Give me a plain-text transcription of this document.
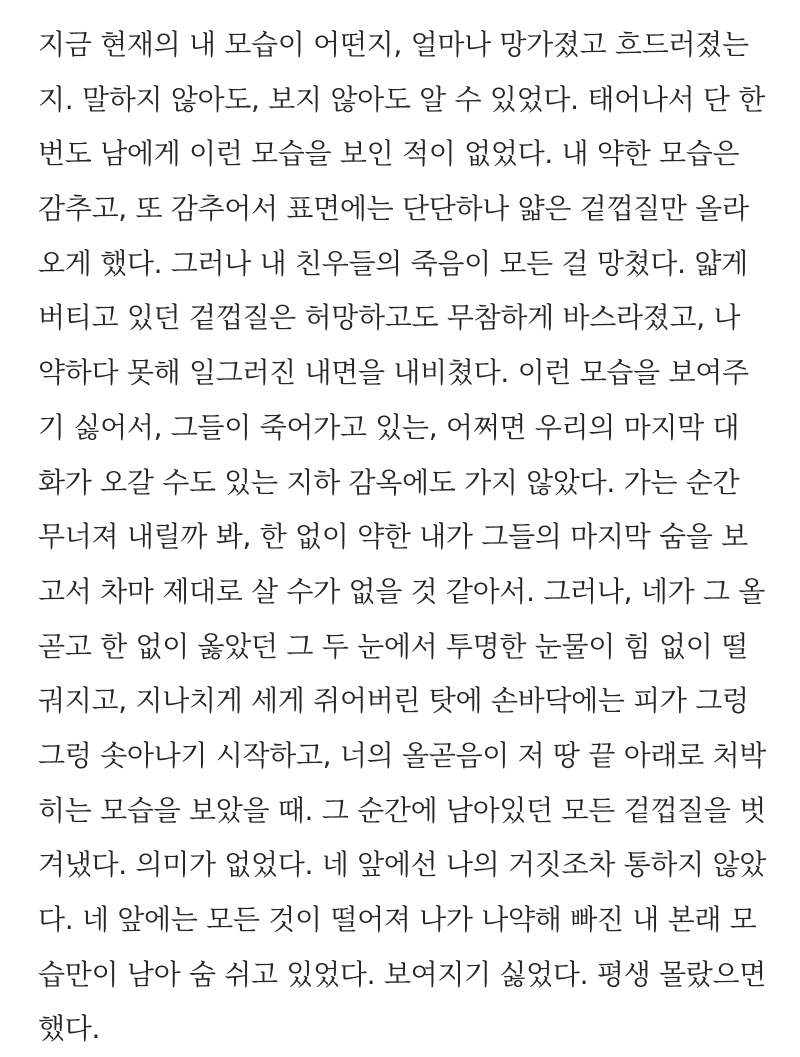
지금 현재의 내 모습이 어떤지, 얼마나 망가졌고 흐드러졌는
지. 말하지 않아도, 보지 않아도 알 수 있었다. 태어나서 단 한
번도 남에게 이런 모습을 보인 적이 없었다. 내 약한 모습은
감추고, 또 감추어서 표면에는 단단하나 얇은 겉껍질만 올라
오게 했다. 그러나 내 친우들의 죽음이 모든 걸 망쳤다. 얇게
버티고 있던 겉껍질은 허망하고도 무참하게 바스라졌고, 나
약하다 못해 일그러진 내면을 내비쳤다. 이런 모습을 보여주
기 싫어서, 그들이 죽어가고 있는, 어쩌면 우리의 마지막 대
화가 오갈 수도 있는 지하 감옥에도 가지 않았다. 가는 순간
무너져 내릴까 봐, 한 없이 약한 내가 그들의 마지막 숨을 보
고서 차마 제대로 살 수가 없을 것 같아서. 그러나, 네가 그 올
곧고 한 없이 옳았던 그 두 눈에서 투명한 눈물이 힘 없이 떨
궈지고, 지나치게 세게 쥐어버린 탓에 손바닥에는 피가 그렁
그렁 솟아나기 시작하고, 너의 올곧음이 저 땅 끝 아래로 처박
히는 모습을 보았을 때. 그 순간에 남아있던 모든 겉껍질을 벗
겨냈다. 의미가 없었다. 네 앞에선 나의 거짓조차 통하지 않았
다. 네 앞에는 모든 것이 떨어져 나가 나약해 빠진 내 본래 모
습만이 남아 숨 쉬고 있었다. 보여지기 싫었다. 평생 몰랐으면
했다.
